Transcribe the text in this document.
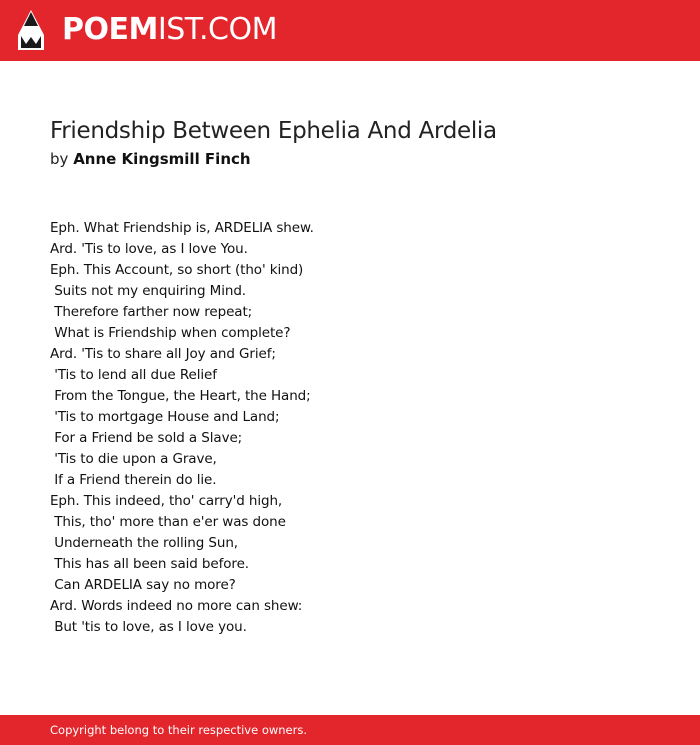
POEMIST.COM
Friendship Between Ephelia And Ardelia
by Anne Kingsmill Finch
Eph. What Friendship is, ARDELIA shew.
Ard. 'Tis to love, as I love You.
Eph. This Account, so short (tho' kind)
Suits not my enquiring Mind.
Therefore farther now repeat;
What is Friendship when complete?
Ard. 'Tis to share all Joy and Grief;
'Tis to lend all due Relief
From the Tongue, the Heart, the Hand;
'Tis to mortgage House and Land;
For a Friend be sold a Slave;
'Tis to die upon a Grave,
If a Friend therein do lie.
Eph. This indeed, tho' carry'd high,
This, tho' more than e'er was done
Underneath the rolling Sun,
This has all been said before.
Can ARDELIA say no more?
Ard. Words indeed no more can shew:
But 'tis to love, as I love you.
Copyright belong to their respective owners.
